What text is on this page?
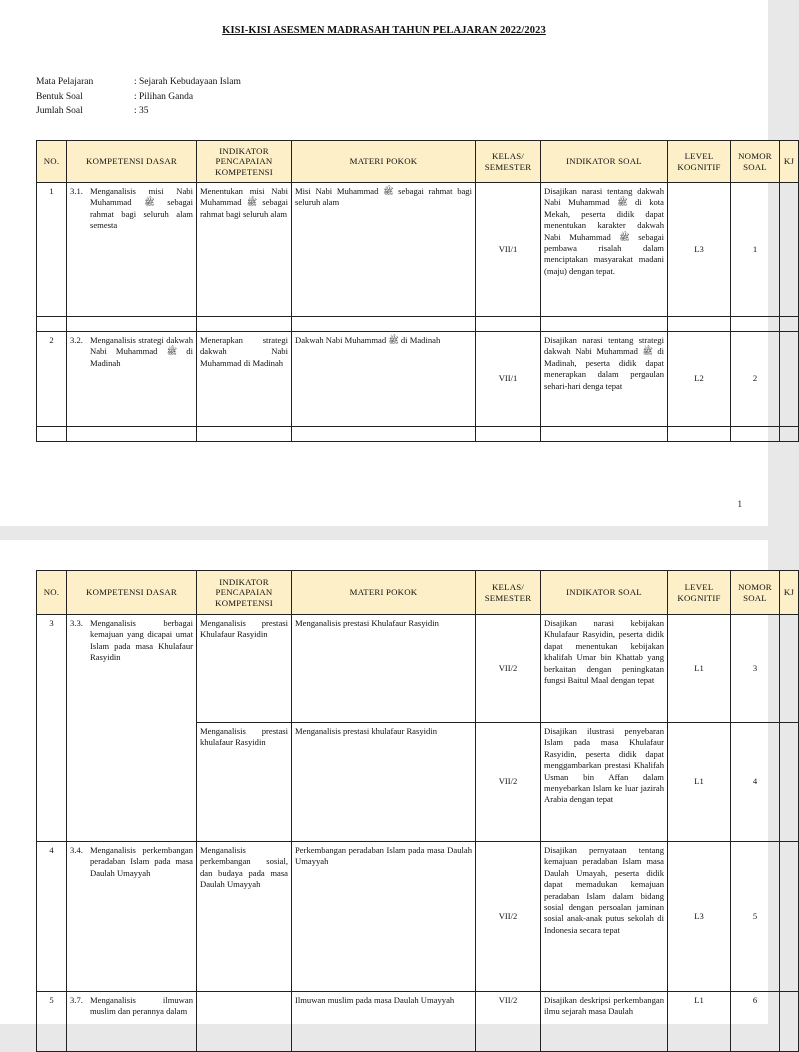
KISI-KISI ASESMEN MADRASAH TAHUN PELAJARAN 2022/2023
Mata Pelajaran	: Sejarah Kebudayaan Islam
Bentuk Soal	: Pilihan Ganda
Jumlah Soal	: 35
NO.	KOMPETENSI DASAR	INDIKATOR PENCAPAIAN KOMPETENSI	MATERI POKOK	KELAS/ SEMESTER	INDIKATOR SOAL	LEVEL KOGNITIF	NOMOR SOAL	KJ
1	3.1. Menganalisis misi Nabi Muhammad ﷺ sebagai rahmat bagi seluruh alam semesta	Menentukan misi Nabi Muhammad ﷺ sebagai rahmat bagi seluruh alam	Misi Nabi Muhammad ﷺ sebagai rahmat bagi seluruh alam	VII/1	Disajikan narasi tentang dakwah Nabi Muhammad ﷺ di kota Mekah, peserta didik dapat menentukan karakter dakwah Nabi Muhammad ﷺ sebagai pembawa risalah dalam menciptakan masyarakat madani (maju) dengan tepat.	L3	1	

2	3.2. Menganalisis strategi dakwah Nabi Muhammad ﷺ di Madinah	Menerapkan strategi dakwah Nabi Muhammad di Madinah	Dakwah Nabi Muhammad ﷺ di Madinah	VII/1	Disajikan narasi tentang strategi dakwah Nabi Muhammad ﷺ di Madinah, peserta didik dapat menerapkan dalam pergaulan sehari-hari denga tepat	L2	2	

1
NO.	KOMPETENSI DASAR	INDIKATOR PENCAPAIAN KOMPETENSI	MATERI POKOK	KELAS/ SEMESTER	INDIKATOR SOAL	LEVEL KOGNITIF	NOMOR SOAL	KJ
3	3.3. Menganalisis berbagai kemajuan yang dicapai umat Islam pada masa Khulafaur Rasyidin	Menganalisis prestasi Khulafaur Rasyidin	Menganalisis prestasi Khulafaur Rasyidin	VII/2	Disajikan narasi kebijakan Khulafaur Rasyidin, peserta didik dapat menentukan kebijakan khalifah Umar bin Khattab yang berkaitan dengan peningkatan fungsi Baitul Maal dengan tepat	L1	3	
		Menganalisis prestasi khulafaur Rasyidin	Menganalisis prestasi khulafaur Rasyidin	VII/2	Disajikan ilustrasi penyebaran Islam pada masa Khulafaur Rasyidin, peserta didik dapat menggambarkan prestasi Khalifah Usman bin Affan dalam menyebarkan Islam ke luar jazirah Arabia dengan tepat	L1	4	
4	3.4. Menganalisis perkembangan peradaban Islam pada masa Daulah Umayyah	Menganalisis perkembangan sosial, dan budaya pada masa Daulah Umayyah	Perkembangan peradaban Islam pada masa Daulah Umayyah	VII/2	Disajikan pernyataan tentang kemajuan peradaban Islam masa Daulah Umayah, peserta didik dapat memadukan kemajuan peradaban Islam dalam bidang sosial dengan persoalan jaminan sosial anak-anak putus sekolah di Indonesia secara tepat	L3	5	
5	3.7. Menganalisis ilmuwan muslim dan perannya dalam		Ilmuwan muslim pada masa Daulah Umayyah	VII/2	Disajikan deskripsi perkembangan ilmu sejarah masa Daulah	L1	6	
